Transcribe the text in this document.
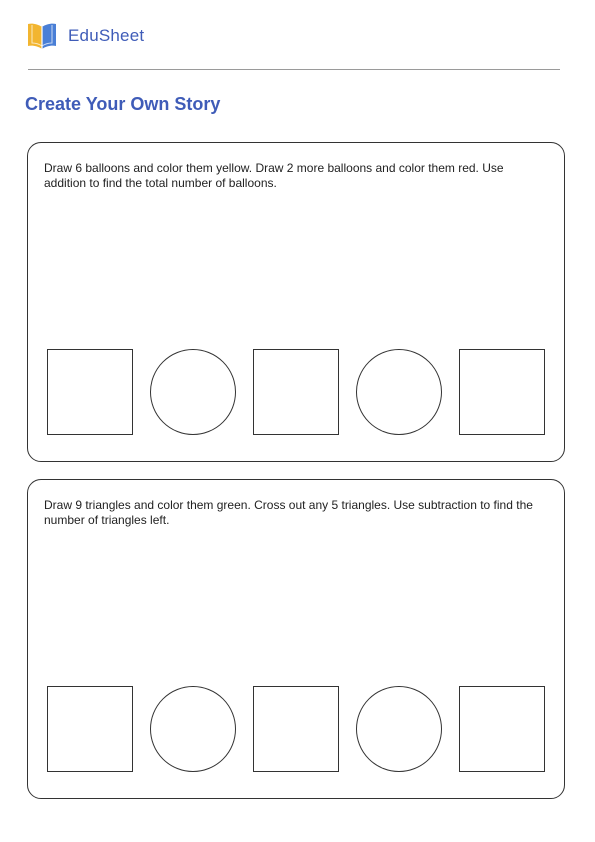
EduSheet
Create Your Own Story

Draw 6 balloons and color them yellow. Draw 2 more balloons and color them red. Use addition to find the total number of balloons.

Draw 9 triangles and color them green. Cross out any 5 triangles. Use subtraction to find the number of triangles left.
